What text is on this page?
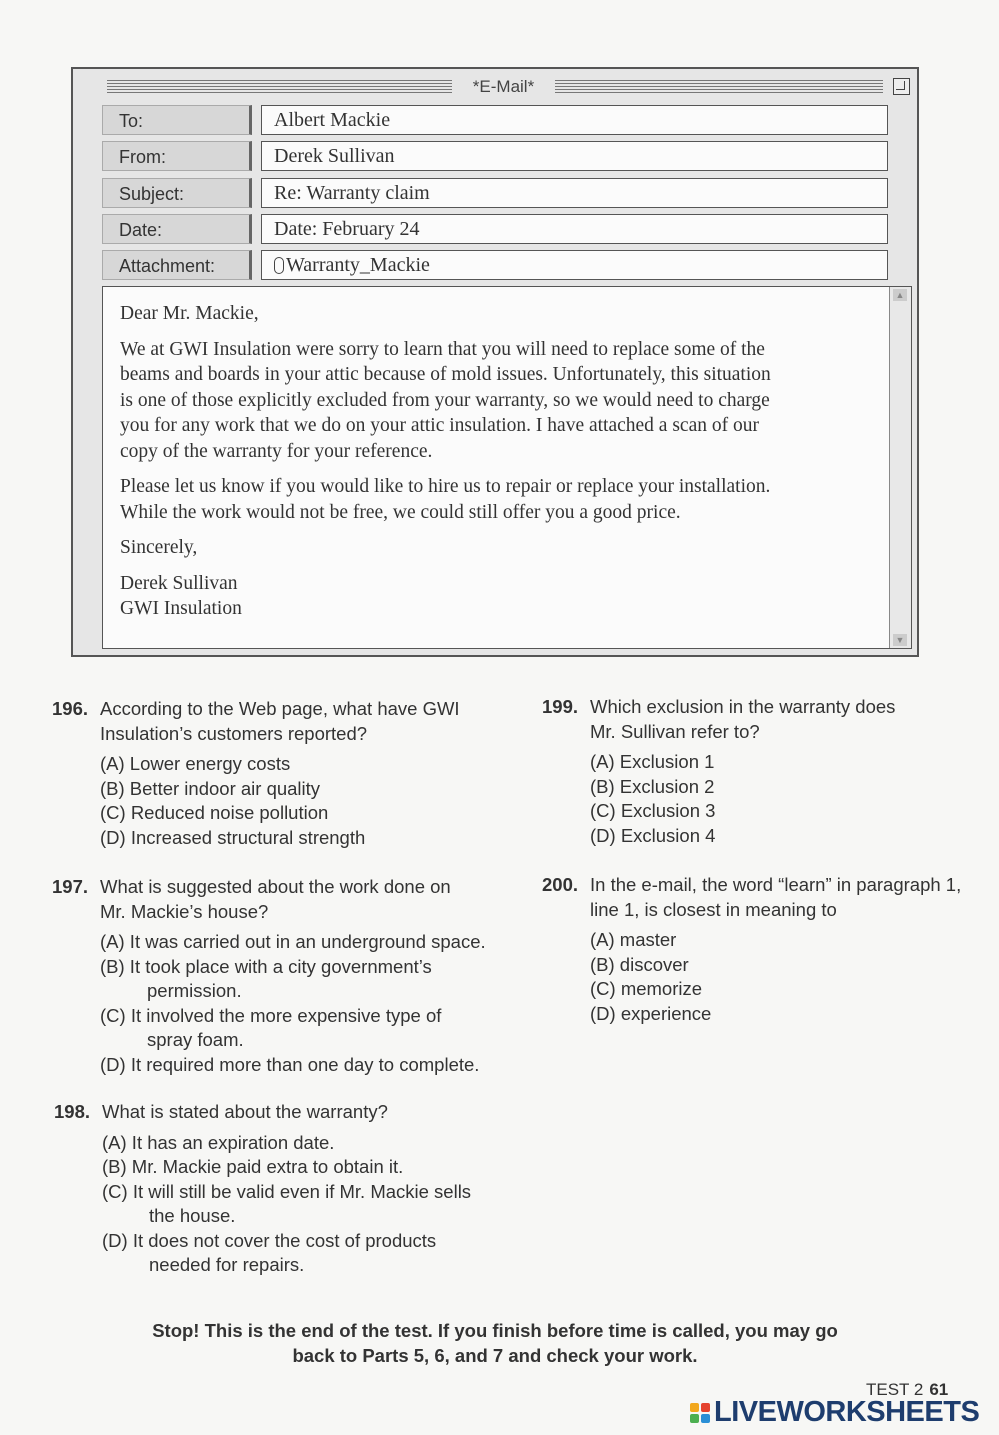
*E-Mail*
To:	Albert Mackie
From:	Derek Sullivan
Subject:	Re: Warranty claim
Date:	Date: February 24
Attachment:	Warranty_Mackie

Dear Mr. Mackie,

We at GWI Insulation were sorry to learn that you will need to replace some of the
beams and boards in your attic because of mold issues. Unfortunately, this situation
is one of those explicitly excluded from your warranty, so we would need to charge
you for any work that we do on your attic insulation. I have attached a scan of our
copy of the warranty for your reference.

Please let us know if you would like to hire us to repair or replace your installation.
While the work would not be free, we could still offer you a good price.

Sincerely,

Derek Sullivan
GWI Insulation

▲
▼
196. According to the Web page, what have GWI
Insulation’s customers reported?
(A) Lower energy costs
(B) Better indoor air quality
(C) Reduced noise pollution
(D) Increased structural strength
197. What is suggested about the work done on
Mr. Mackie’s house?
(A) It was carried out in an underground space.
(B) It took place with a city government’s
permission.
(C) It involved the more expensive type of
spray foam.
(D) It required more than one day to complete.
198. What is stated about the warranty?
(A) It has an expiration date.
(B) Mr. Mackie paid extra to obtain it.
(C) It will still be valid even if Mr. Mackie sells
the house.
(D) It does not cover the cost of products
needed for repairs.
199. Which exclusion in the warranty does
Mr. Sullivan refer to?
(A) Exclusion 1
(B) Exclusion 2
(C) Exclusion 3
(D) Exclusion 4
200. In the e-mail, the word “learn” in paragraph 1,
line 1, is closest in meaning to
(A) master
(B) discover
(C) memorize
(D) experience
Stop! This is the end of the test. If you finish before time is called, you may go
back to Parts 5, 6, and 7 and check your work.
TEST 2 61
LIVEWORKSHEETS
